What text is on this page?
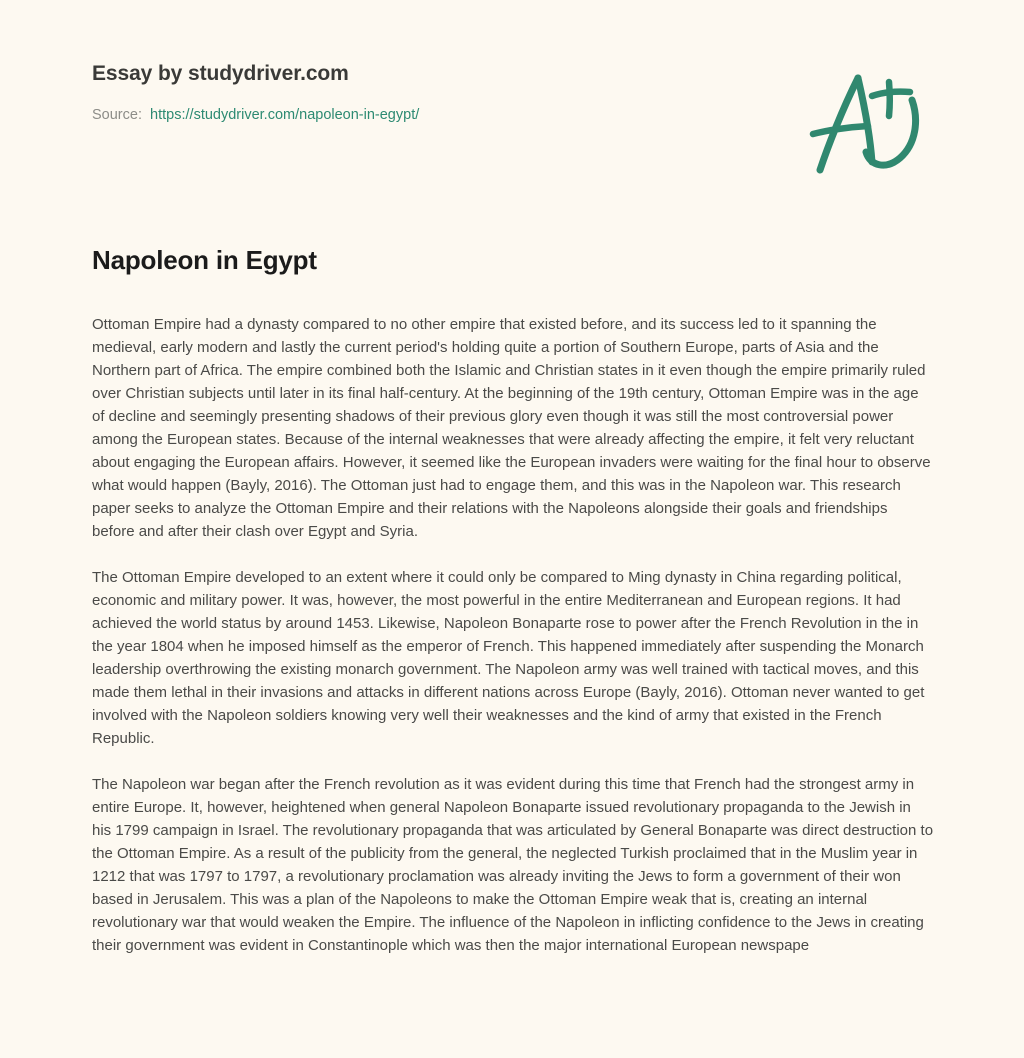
Essay by studydriver.com
Source: https://studydriver.com/napoleon-in-egypt/
Napoleon in Egypt

Ottoman Empire had a dynasty compared to no other empire that existed before, and its success led to it spanning the medieval, early modern and lastly the current period's holding quite a portion of Southern Europe, parts of Asia and the Northern part of Africa. The empire combined both the Islamic and Christian states in it even though the empire primarily ruled over Christian subjects until later in its final half-century. At the beginning of the 19th century, Ottoman Empire was in the age of decline and seemingly presenting shadows of their previous glory even though it was still the most controversial power among the European states. Because of the internal weaknesses that were already affecting the empire, it felt very reluctant about engaging the European affairs. However, it seemed like the European invaders were waiting for the final hour to observe what would happen (Bayly, 2016). The Ottoman just had to engage them, and this was in the Napoleon war. This research paper seeks to analyze the Ottoman Empire and their relations with the Napoleons alongside their goals and friendships before and after their clash over Egypt and Syria.

The Ottoman Empire developed to an extent where it could only be compared to Ming dynasty in China regarding political, economic and military power. It was, however, the most powerful in the entire Mediterranean and European regions. It had achieved the world status by around 1453. Likewise, Napoleon Bonaparte rose to power after the French Revolution in the in the year 1804 when he imposed himself as the emperor of French. This happened immediately after suspending the Monarch leadership overthrowing the existing monarch government. The Napoleon army was well trained with tactical moves, and this made them lethal in their invasions and attacks in different nations across Europe (Bayly, 2016). Ottoman never wanted to get involved with the Napoleon soldiers knowing very well their weaknesses and the kind of army that existed in the French Republic.

The Napoleon war began after the French revolution as it was evident during this time that French had the strongest army in entire Europe. It, however, heightened when general Napoleon Bonaparte issued revolutionary propaganda to the Jewish in his 1799 campaign in Israel. The revolutionary propaganda that was articulated by General Bonaparte was direct destruction to the Ottoman Empire. As a result of the publicity from the general, the neglected Turkish proclaimed that in the Muslim year in 1212 that was 1797 to 1797, a revolutionary proclamation was already inviting the Jews to form a government of their won based in Jerusalem. This was a plan of the Napoleons to make the Ottoman Empire weak that is, creating an internal revolutionary war that would weaken the Empire. The influence of the Napoleon in inflicting confidence to the Jews in creating their government was evident in Constantinople which was then the major international European newspape
